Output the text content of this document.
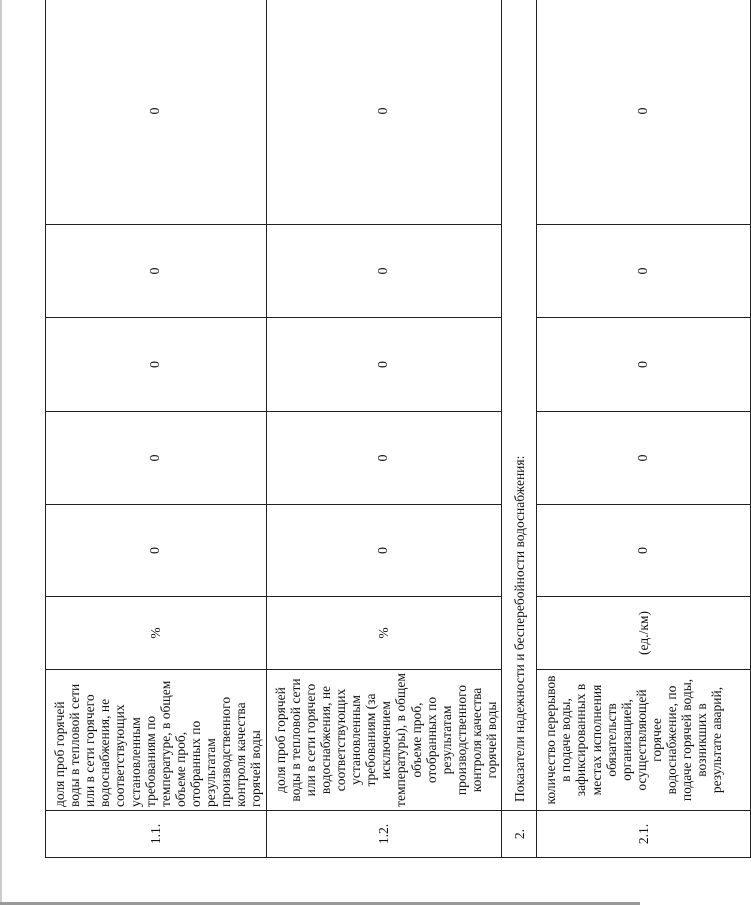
1.1.	доля проб горячей воды в тепловой сети или в сети горячего водоснабжения, не соответствующих установленным требованиям по температуре, в общем объеме проб, отобранных по результатам производственного контроля качества горячей воды	%	0	0	0	0	0
1.2.	доля проб горячей воды в тепловой сети или в сети горячего водоснабжения, не соответствующих установленным требованиям (за исключением температуры), в общем объеме проб, отобранных по результатам производственного контроля качества горячей воды	%	0	0	0	0	0
2.	Показатели надежности и бесперебойности водоснабжения:						
2.1.	количество перерывов в подаче воды, зафиксированных в местах исполнения обязательств организацией, осуществляющей горячее водоснабжение, по подаче горячей воды, возникших в результате аварий,	(ед./км)	0	0	0	0	0
